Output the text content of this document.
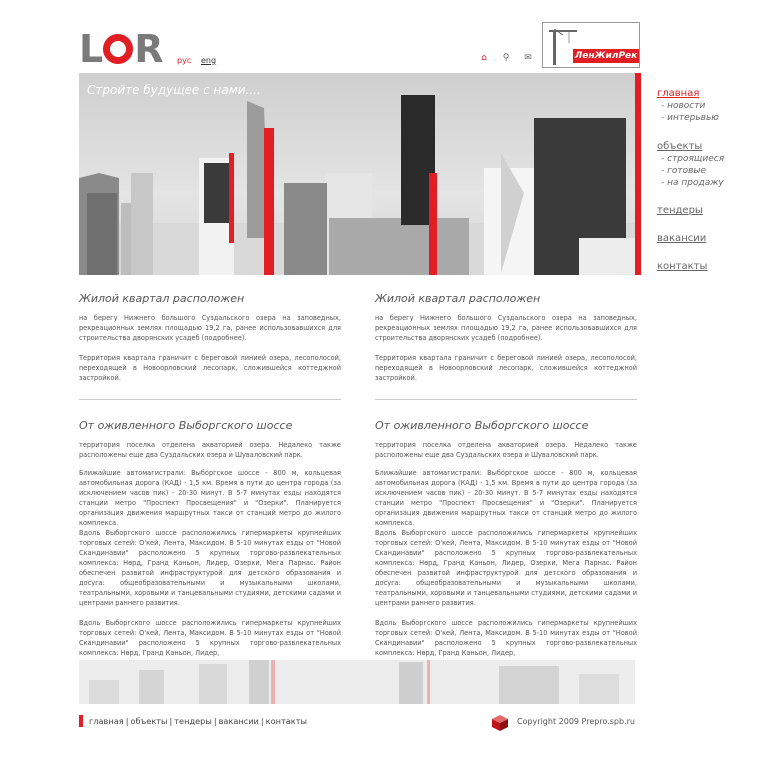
L R рус eng	⌂	⚲	✉	ЛенЖилРек
Стройте будущее с нами....	главная
- новости
- интерьвью
объекты
- строящиеся
- готовые
- на продажу
тендеры
вакансии
контакты
Жилой квартал расположен

на берегу Нижнего большого Суздальского озера на заповедных, рекреационных землях площадью 19,2 га, ранее использовавшихся для строительства дворянских усадеб (подробнее).

Территория квартала граничит с береговой линией озера, лесополосой, переходящей в Новоорловский лесопарк, сложившейся коттеджной застройкой.

От оживленного Выборгского шоссе

территория поселка отделена акваторией озера. Недалеко также расположены еще два Суздальских озера и Шуваловский парк.

Ближайшие автомагистрали: Выборгское шоссе - 800 м, кольцевая автомобильная дорога (КАД) - 1,5 км. Время в пути до центра города (за исключением часов пик) - 20-30 минут. В 5-7 минутах езды находятся станции метро "Проспект Просвещения" и "Озерки". Планируется организация движения маршрутных такси от станций метро до жилого комплекса.

Вдоль Выборгского шоссе расположились гипермаркеты крупнейших торговых сетей: О'кей, Лента, Максидом. В 5-10 минутах езды от "Новой Скандинавии" расположено 5 крупных торгово-развлекательных комплекса: Нөрд, Гранд Каньон, Лидер, Озерки, Мега Парнас. Район обеспечен развитой инфраструктурой для детского образования и досуга: общеобразовательными и музыкальными школами, театральными, хоровыми и танцевальными студиями, детскими садами и центрами раннего развития.

Вдоль Выборгского шоссе расположились гипермаркеты крупнейших торговых сетей: О'кей, Лента, Максидом. В 5-10 минутах езды от "Новой Скандинавии" расположено 5 крупных торгово-развлекательных комплекса: Нөрд, Гранд Каньон, Лидер,

Жилой квартал расположен

на берегу Нижнего большого Суздальского озера на заповедных, рекреационных землях площадью 19,2 га, ранее использовавшихся для строительства дворянских усадеб (подробнее).

Территория квартала граничит с береговой линией озера, лесополосой, переходящей в Новоорловский лесопарк, сложившейся коттеджной застройкой.

От оживленного Выборгского шоссе

территория поселка отделена акваторией озера. Недалеко также расположены еще два Суздальских озера и Шуваловский парк.

Ближайшие автомагистрали: Выборгское шоссе - 800 м, кольцевая автомобильная дорога (КАД) - 1,5 км. Время в пути до центра города (за исключением часов пик) - 20-30 минут. В 5-7 минутах езды находятся станции метро "Проспект Просвещения" и "Озерки". Планируется организация движения маршрутных такси от станций метро до жилого комплекса.

Вдоль Выборгского шоссе расположились гипермаркеты крупнейших торговых сетей: О'кей, Лента, Максидом. В 5-10 минутах езды от "Новой Скандинавии" расположено 5 крупных торгово-развлекательных комплекса: Нөрд, Гранд Каньон, Лидер, Озерки, Мега Парнас. Район обеспечен развитой инфраструктурой для детского образования и досуга: общеобразовательными и музыкальными школами, театральными, хоровыми и танцевальными студиями, детскими садами и центрами раннего развития.

Вдоль Выборгского шоссе расположились гипермаркеты крупнейших торговых сетей: О'кей, Лента, Максидом. В 5-10 минутах езды от "Новой Скандинавии" расположено 5 крупных торгово-развлекательных комплекса: Нөрд, Гранд Каньон, Лидер,

главная | объекты | тендеры | вакансии | контакты	Copyright 2009 Prepro.spb.ru
